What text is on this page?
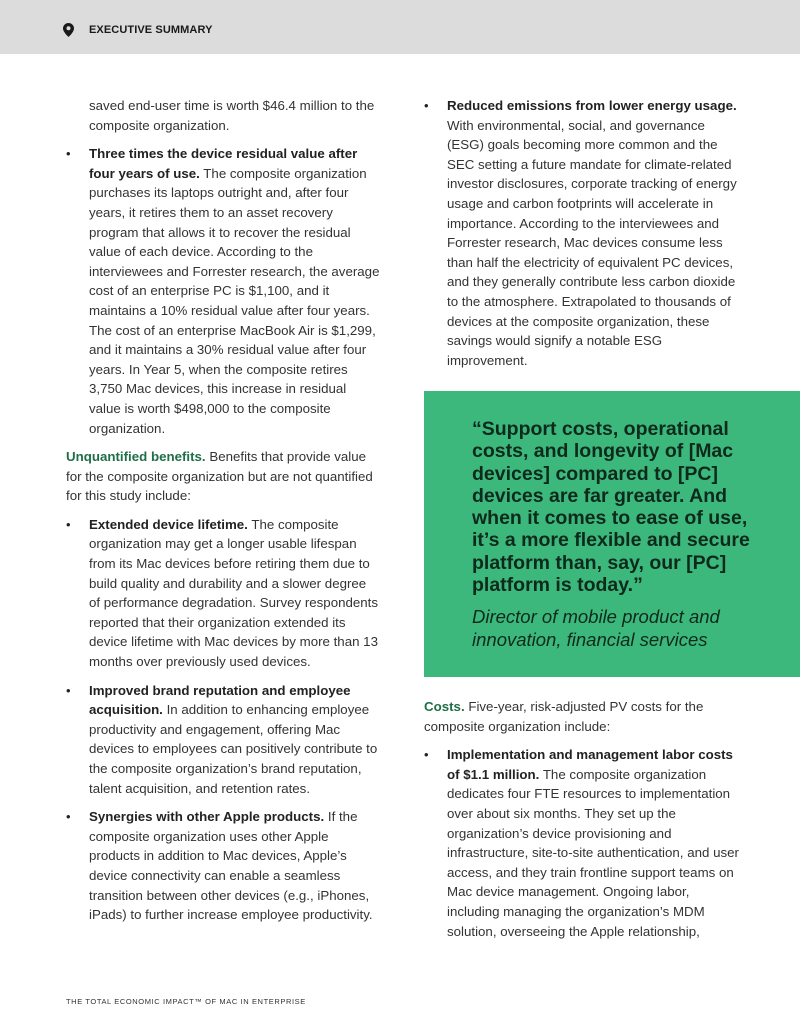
EXECUTIVE SUMMARY
saved end-user time is worth $46.4 million to the composite organization.
• Three times the device residual value after four years of use. The composite organization purchases its laptops outright and, after four years, it retires them to an asset recovery program that allows it to recover the residual value of each device. According to the interviewees and Forrester research, the average cost of an enterprise PC is $1,100, and it maintains a 10% residual value after four years. The cost of an enterprise MacBook Air is $1,299, and it maintains a 30% residual value after four years. In Year 5, when the composite retires 3,750 Mac devices, this increase in residual value is worth $498,000 to the composite organization.
Unquantified benefits. Benefits that provide value for the composite organization but are not quantified for this study include:
• Extended device lifetime. The composite organization may get a longer usable lifespan from its Mac devices before retiring them due to build quality and durability and a slower degree of performance degradation. Survey respondents reported that their organization extended its device lifetime with Mac devices by more than 13 months over previously used devices.
• Improved brand reputation and employee acquisition. In addition to enhancing employee productivity and engagement, offering Mac devices to employees can positively contribute to the composite organization’s brand reputation, talent acquisition, and retention rates.
• Synergies with other Apple products. If the composite organization uses other Apple products in addition to Mac devices, Apple’s device connectivity can enable a seamless transition between other devices (e.g., iPhones, iPads) to further increase employee productivity.
• Reduced emissions from lower energy usage. With environmental, social, and governance (ESG) goals becoming more common and the SEC setting a future mandate for climate-related investor disclosures, corporate tracking of energy usage and carbon footprints will accelerate in importance. According to the interviewees and Forrester research, Mac devices consume less than half the electricity of equivalent PC devices, and they generally contribute less carbon dioxide to the atmosphere. Extrapolated to thousands of devices at the composite organization, these savings would signify a notable ESG improvement.
“Support costs, operational costs, and longevity of [Mac devices] compared to [PC] devices are far greater. And when it comes to ease of use, it’s a more flexible and secure platform than, say, our [PC] platform is today.”
Director of mobile product and innovation, financial services
Costs. Five-year, risk-adjusted PV costs for the composite organization include:
• Implementation and management labor costs of $1.1 million. The composite organization dedicates four FTE resources to implementation over about six months. They set up the organization’s device provisioning and infrastructure, site-to-site authentication, and user access, and they train frontline support teams on Mac device management. Ongoing labor, including managing the organization’s MDM solution, overseeing the Apple relationship,
THE TOTAL ECONOMIC IMPACT™ OF MAC IN ENTERPRISE
